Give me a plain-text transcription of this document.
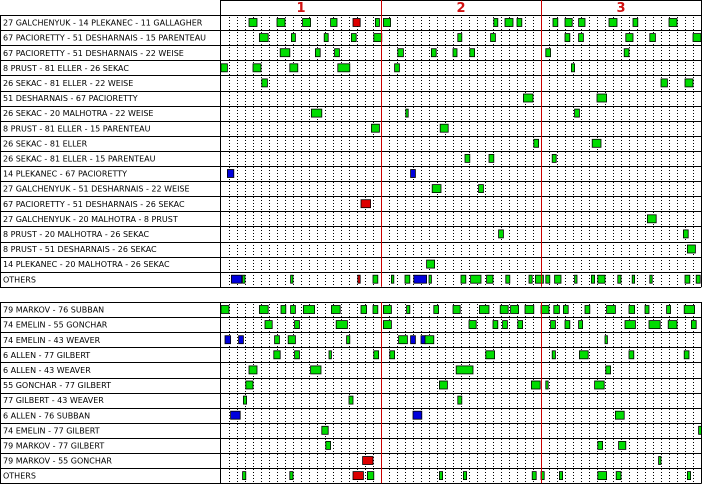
1	2	3
27 GALCHENYUK - 14 PLEKANEC - 11 GALLAGHER
67 PACIORETTY - 51 DESHARNAIS - 15 PARENTEAU
67 PACIORETTY - 51 DESHARNAIS - 22 WEISE
8 PRUST - 81 ELLER - 26 SEKAC
26 SEKAC - 81 ELLER - 22 WEISE
51 DESHARNAIS - 67 PACIORETTY
26 SEKAC - 20 MALHOTRA - 22 WEISE
8 PRUST - 81 ELLER - 15 PARENTEAU
26 SEKAC - 81 ELLER
26 SEKAC - 81 ELLER - 15 PARENTEAU
14 PLEKANEC - 67 PACIORETTY
27 GALCHENYUK - 51 DESHARNAIS - 22 WEISE
67 PACIORETTY - 51 DESHARNAIS - 26 SEKAC
27 GALCHENYUK - 20 MALHOTRA - 8 PRUST
8 PRUST - 20 MALHOTRA - 26 SEKAC
8 PRUST - 51 DESHARNAIS - 26 SEKAC
14 PLEKANEC - 20 MALHOTRA - 26 SEKAC
OTHERS
79 MARKOV - 76 SUBBAN
74 EMELIN - 55 GONCHAR
74 EMELIN - 43 WEAVER
6 ALLEN - 77 GILBERT
6 ALLEN - 43 WEAVER
55 GONCHAR - 77 GILBERT
77 GILBERT - 43 WEAVER
6 ALLEN - 76 SUBBAN
74 EMELIN - 77 GILBERT
79 MARKOV - 77 GILBERT
79 MARKOV - 55 GONCHAR
OTHERS
